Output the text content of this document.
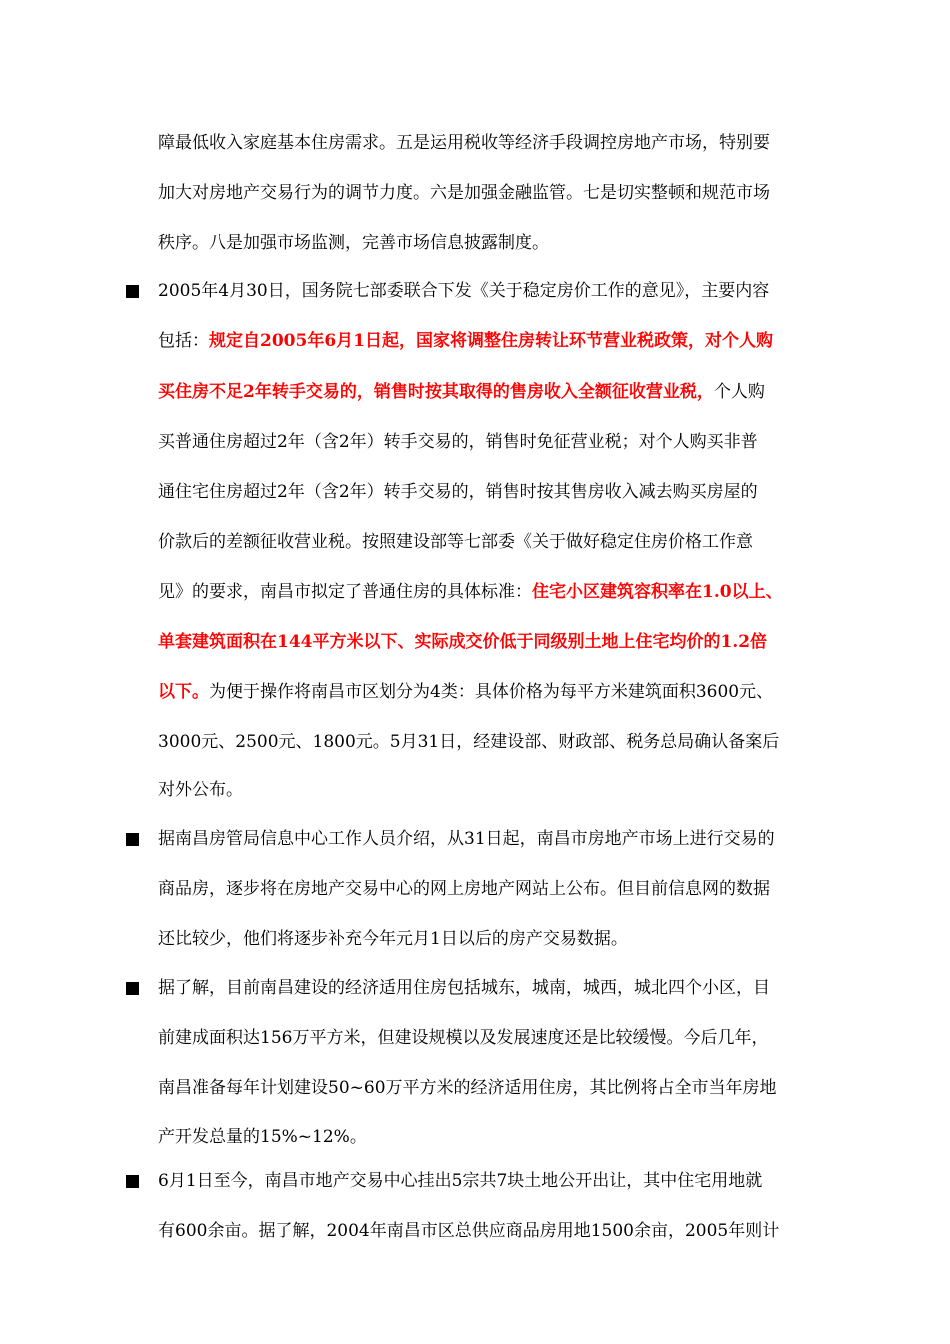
障最低收入家庭基本住房需求。五是运用税收等经济手段调控房地产市场，特别要
加大对房地产交易行为的调节力度。六是加强金融监管。七是切实整顿和规范市场
秩序。八是加强市场监测，完善市场信息披露制度。
2005年4月30日，国务院七部委联合下发《关于稳定房价工作的意见》，主要内容
包括：规定自2005年6月1日起，国家将调整住房转让环节营业税政策，对个人购
买住房不足2年转手交易的，销售时按其取得的售房收入全额征收营业税，个人购
买普通住房超过2年（含2年）转手交易的，销售时免征营业税；对个人购买非普
通住宅住房超过2年（含2年）转手交易的，销售时按其售房收入减去购买房屋的
价款后的差额征收营业税。按照建设部等七部委《关于做好稳定住房价格工作意
见》的要求，南昌市拟定了普通住房的具体标准：住宅小区建筑容积率在1.0以上、
单套建筑面积在144平方米以下、实际成交价低于同级别土地上住宅均价的1.2倍
以下。为便于操作将南昌市区划分为4类：具体价格为每平方米建筑面积3600元、
3000元、2500元、1800元。5月31日，经建设部、财政部、税务总局确认备案后
对外公布。
据南昌房管局信息中心工作人员介绍，从31日起，南昌市房地产市场上进行交易的
商品房，逐步将在房地产交易中心的网上房地产网站上公布。但目前信息网的数据
还比较少，他们将逐步补充今年元月1日以后的房产交易数据。
据了解，目前南昌建设的经济适用住房包括城东，城南，城西，城北四个小区，目
前建成面积达156万平方米，但建设规模以及发展速度还是比较缓慢。今后几年，
南昌准备每年计划建设50~60万平方米的经济适用住房，其比例将占全市当年房地
产开发总量的15%~12%。
6月1日至今，南昌市地产交易中心挂出5宗共7块土地公开出让，其中住宅用地就
有600余亩。据了解，2004年南昌市区总供应商品房用地1500余亩，2005年则计
